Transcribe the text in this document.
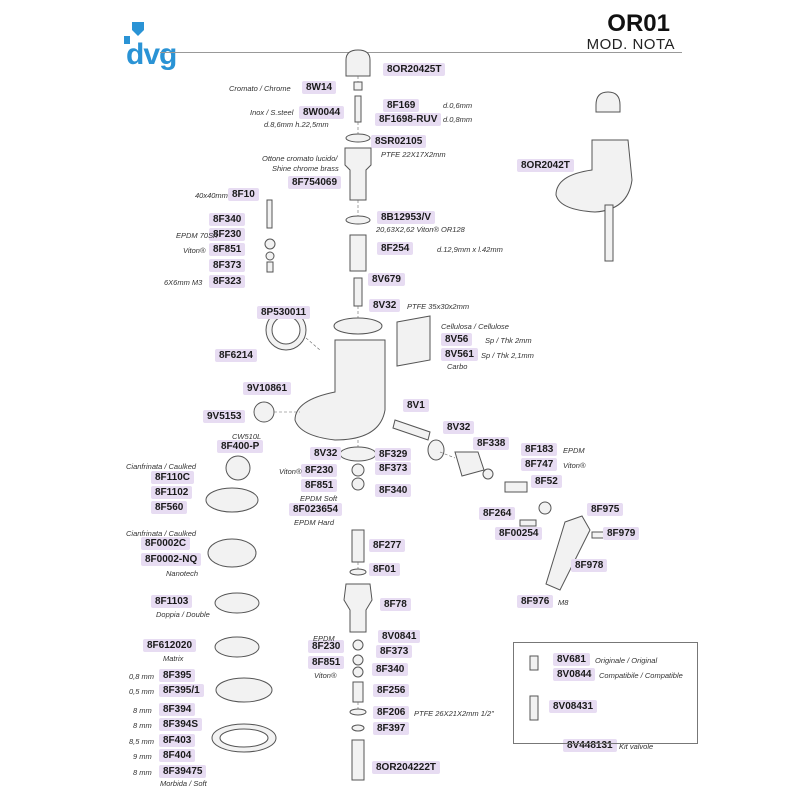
dvg
OR01
MOD. NOTA
8OR20425T
8W14
8W0044
8F169
8F1698-RUV
8SR02105
8F754069
8F10
8B12953/V
8F340
8F230
8F851	8F254
8F373
8F323	8V679
8OR2042T
8V32
8P530011
8V56
8V561
8F6214
9V10861
8V1
9V5153
8V32
8F400-P	8F338
8V32	8F329	8F183
8F747
8F230	8F373
8F110C
8F851	8F340
8F1102
8F52
8F023654
8F560
8F264	8F975
8F00254	8F979
8F0002C	8F277
8F0002-NQ
8F01	8F978
8F1103	8F78	8F976
8V0841
8F612020	8F230	8F373
8V681
8F851
8V0844
8F395
8F340
8F395/1	8F256
8V08431
8F394	8F206
8F394S	8F397
8F403
8F404
8V448131
8F39475	8OR204222T
Cromato / Chrome
Inox / S.steel
d.8,6mm h.22,5mm
d.0,6mm
d.0,8mm
PTFE 22X17X2mm
Ottone cromato lucido/
Shine chrome brass
40x40mm
20,63X2,62 Viton® OR128
EPDM 70Sh
Viton®	d.12,9mm x l.42mm
6X6mm M3
PTFE 35x30x2mm
Cellulosa / Cellulose
Sp / Thk 2mm
Sp / Thk 2,1mm
Carbo
CW510L
EPDM
Viton®
Cianfrinata / Caulked
Viton®
EPDM Soft
EPDM Hard
Cianfrinata / Caulked
Nanotech
M8
Doppia / Double
EPDM
Matrix	Originale / Original
Viton®	Compatibile / Compatible
0,8 mm
0,5 mm
8 mm	PTFE 26X21X2mm 1/2"
8 mm
8,5 mm
9 mm
Kit valvole
8 mm
Morbida / Soft
